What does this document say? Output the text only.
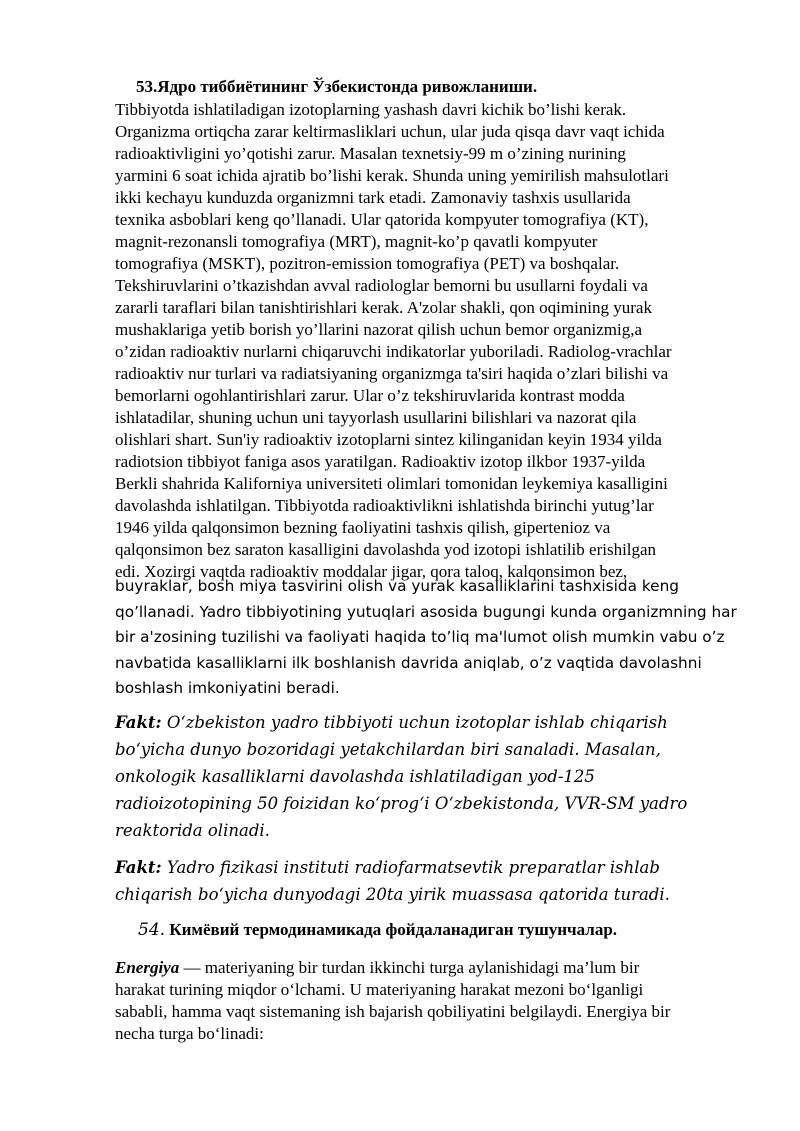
53.Ядро тиббиётининг Ўзбекистонда ривожланиши.
Tibbiyotda ishlatiladigan izotoplarning yashash davri kichik bo’lishi kerak.
Organizma ortiqcha zarar keltirmasliklari uchun, ular juda qisqa davr vaqt ichida
radioaktivligini yo’qotishi zarur. Masalan texnetsiy-99 m o’zining nurining
yarmini 6 soat ichida ajratib bo’lishi kerak. Shunda uning yemirilish mahsulotlari
ikki kechayu kunduzda organizmni tark etadi. Zamonaviy tashxis usullarida
texnika asboblari keng qo’llanadi. Ular qatorida kompyuter tomografiya (KT),
magnit-rezonansli tomografiya (MRT), magnit-ko’p qavatli kompyuter
tomografiya (MSKT), pozitron-emission tomografiya (PET) va boshqalar.
Tekshiruvlarini o’tkazishdan avval radiologlar bemorni bu usullarni foydali va
zararli taraflari bilan tanishtirishlari kerak. A'zolar shakli, qon oqimining yurak
mushaklariga yetib borish yo’llarini nazorat qilish uchun bemor organizmig,a
o’zidan radioaktiv nurlarni chiqaruvchi indikatorlar yuboriladi. Radiolog-vrachlar
radioaktiv nur turlari va radiatsiyaning organizmga ta'siri haqida o’zlari bilishi va
bemorlarni ogohlantirishlari zarur. Ular o’z tekshiruvlarida kontrast modda
ishlatadilar, shuning uchun uni tayyorlash usullarini bilishlari va nazorat qila
olishlari shart. Sun'iy radioaktiv izotoplarni sintez kilinganidan keyin 1934 yilda
radiotsion tibbiyot faniga asos yaratilgan. Radioaktiv izotop ilkbor 1937-yilda
Berkli shahrida Kaliforniya universiteti olimlari tomonidan leykemiya kasalligini
davolashda ishlatilgan. Tibbiyotda radioaktivlikni ishlatishda birinchi yutug’lar
1946 yilda qalqonsimon bezning faoliyatini tashxis qilish, gipertenioz va
qalqonsimon bez saraton kasalligini davolashda yod izotopi ishlatilib erishilgan
edi. Xozirgi vaqtda radioaktiv moddalar jigar, qora taloq, kalqonsimon bez,
buyraklar, bosh miya tasvirini olish va yurak kasalliklarini tashxisida keng
qo’llanadi. Yadro tibbiyotining yutuqlari asosida bugungi kunda organizmning har
bir a'zosining tuzilishi va faoliyati haqida to’liq ma'lumot olish mumkin vabu o’z
navbatida kasalliklarni ilk boshlanish davrida aniqlab, o’z vaqtida davolashni
boshlash imkoniyatini beradi.
Fakt: O‘zbekiston yadro tibbiyoti uchun izotoplar ishlab chiqarish
bo‘yicha dunyo bozoridagi yetakchilardan biri sanaladi. Masalan,
onkologik kasalliklarni davolashda ishlatiladigan yod-125
radioizotopining 50 foizidan ko‘prog‘i O‘zbekistonda, VVR-SM yadro
reaktorida olinadi.
Fakt: Yadro fizikasi instituti radiofarmatsevtik preparatlar ishlab
chiqarish bo‘yicha dunyodagi 20ta yirik muassasa qatorida turadi.
54. Кимёвий термодинамикада фойдаланадиган тушунчалар.
Energiya — materiyaning bir turdan ikkinchi turga aylanishidagi ma’lum bir
harakat turining miqdor o‘lchami. U materiyaning harakat mezoni bo‘lganligi
sababli, hamma vaqt sistemaning ish bajarish qobiliyatini belgilaydi. Energiya bir
necha turga bo‘linadi:
